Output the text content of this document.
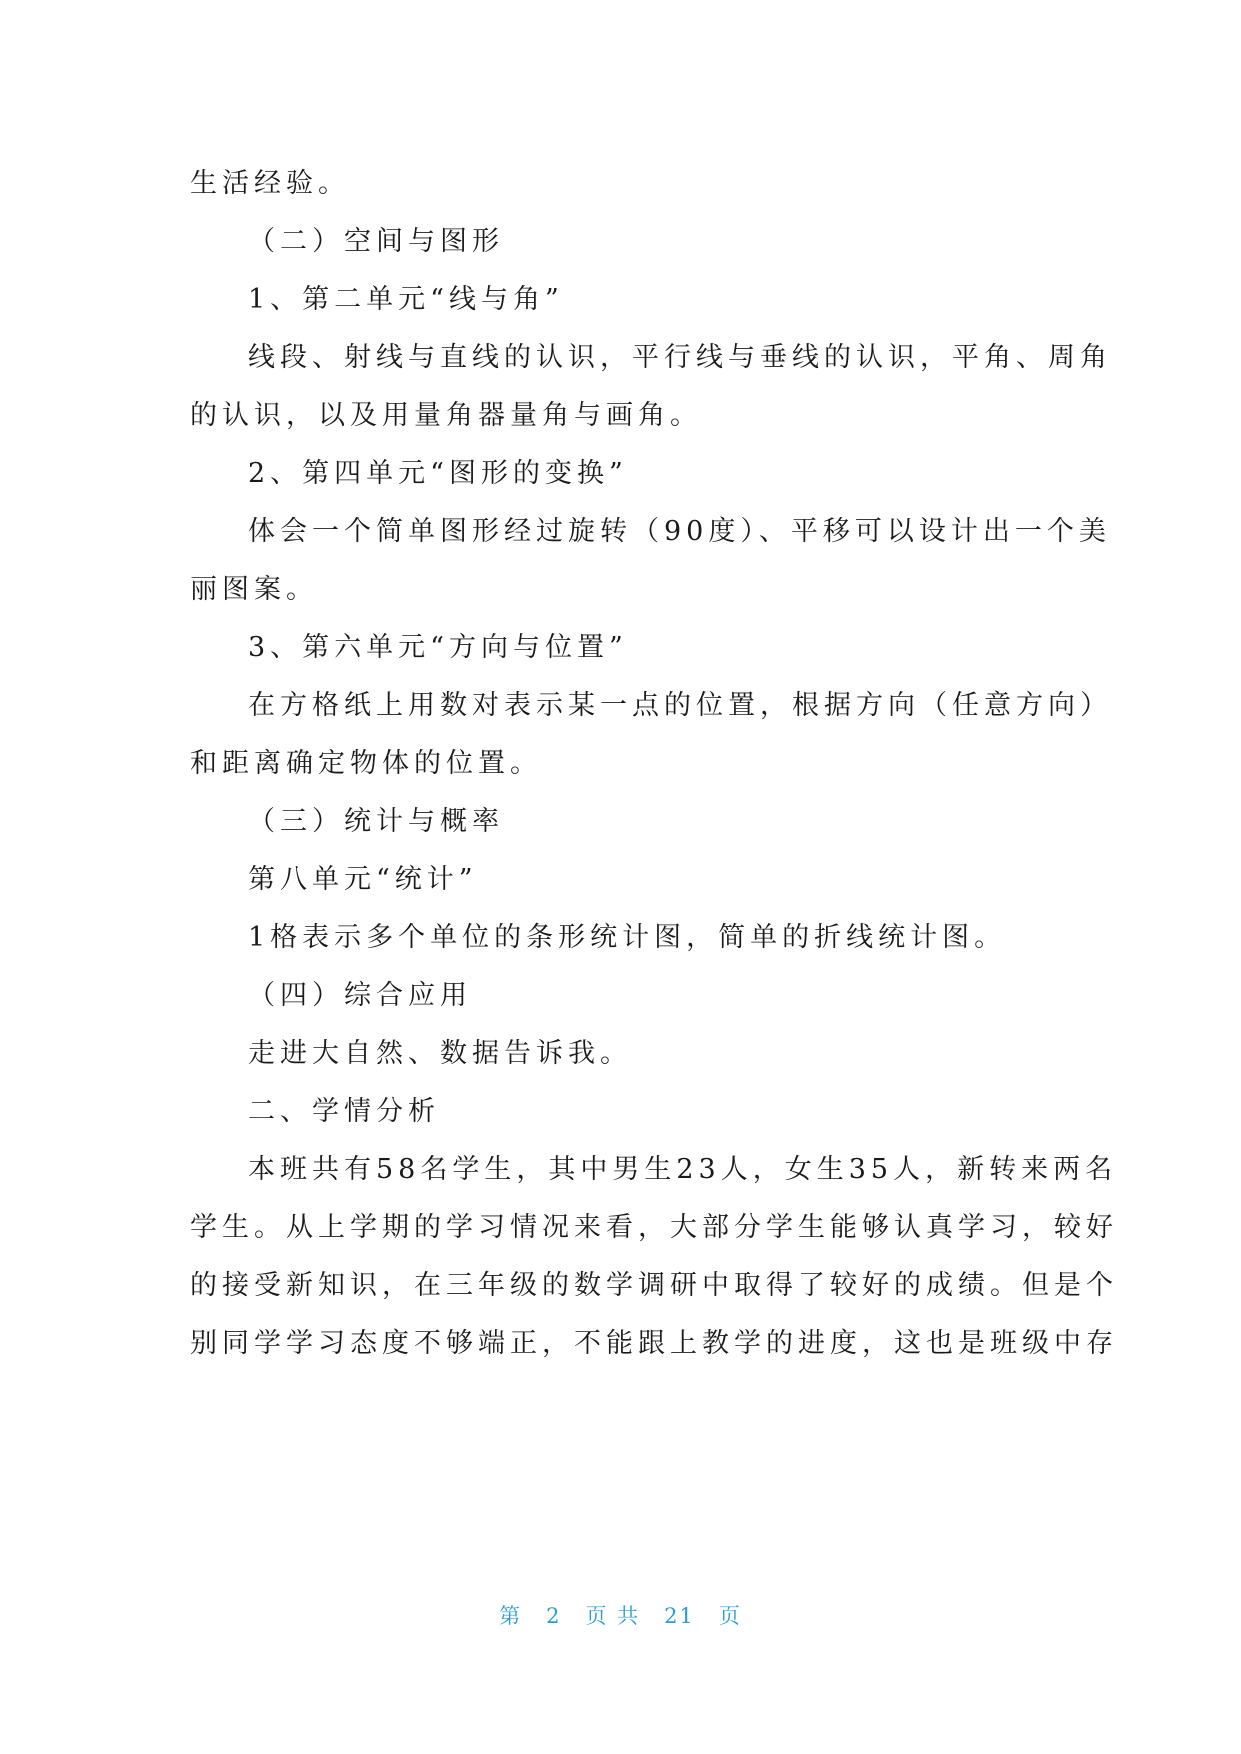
生活经验。
（二）空间与图形
1、第二单元“线与角”
线段、射线与直线的认识，平行线与垂线的认识，平角、周角
的认识，以及用量角器量角与画角。
2、第四单元“图形的变换”
体会一个简单图形经过旋转（90度）、平移可以设计出一个美
丽图案。
3、第六单元“方向与位置”
在方格纸上用数对表示某一点的位置，根据方向（任意方向）
和距离确定物体的位置。
（三）统计与概率
第八单元“统计”
1格表示多个单位的条形统计图，简单的折线统计图。
（四）综合应用
走进大自然、数据告诉我。
二、学情分析
本班共有58名学生，其中男生23人，女生35人，新转来两名
学生。从上学期的学习情况来看，大部分学生能够认真学习，较好
的接受新知识，在三年级的数学调研中取得了较好的成绩。但是个
别同学学习态度不够端正，不能跟上教学的进度，这也是班级中存
第 2 页 共 21 页
